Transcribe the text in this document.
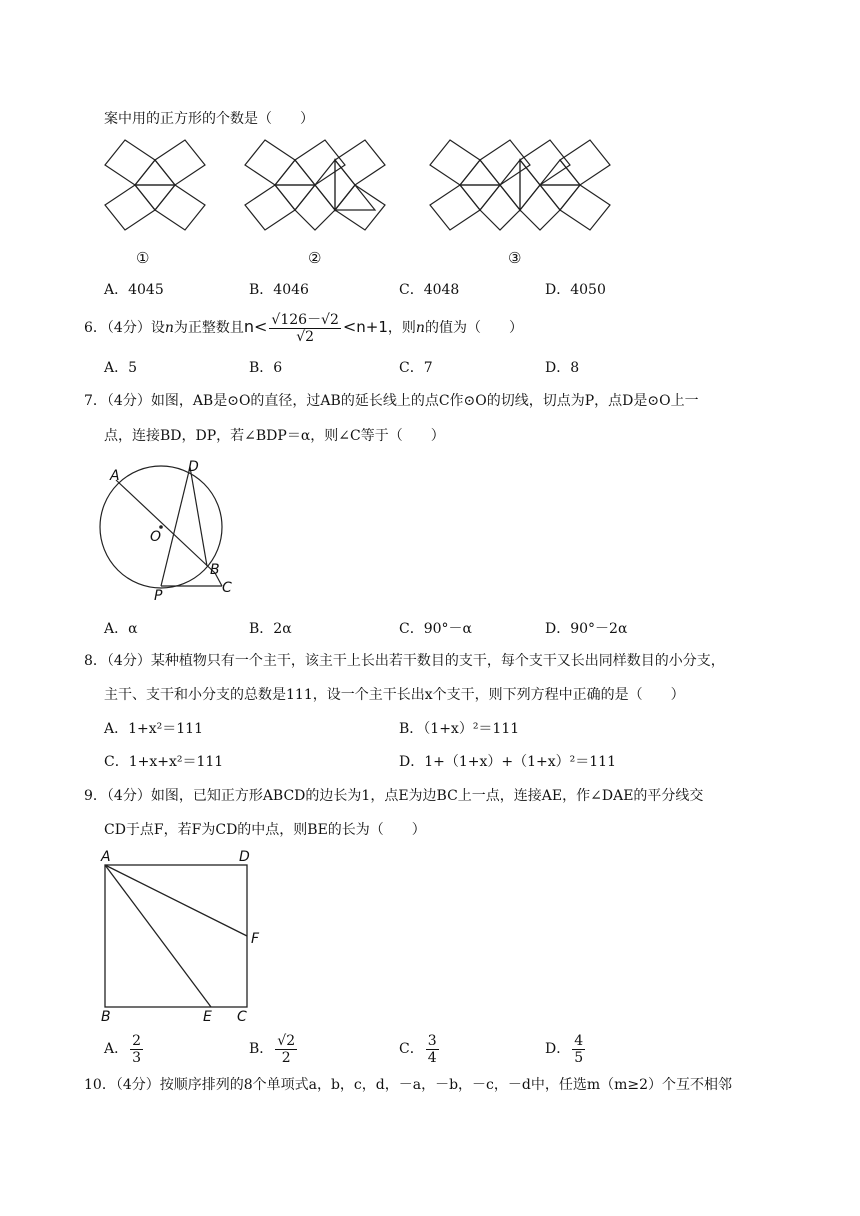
案中用的正方形的个数是（　　）
①	②	③
A．4045	B．4046	C．4048	D．4050
6．（4分）设n为正整数且$n< \frac{√126-√2}{√2} <n+1$，则n的值为（　　）
A．5	B．6	C．7	D．8
7．（4分）如图，AB是⊙O的直径，过AB的延长线上的点C作⊙O的切线，切点为P，点D是⊙O上一
点，连接BD，DP，若∠BDP＝α，则∠C等于（　　）
A
D
O
B
C
P
A．α	B．2α	C．90°－α	D．90°－2α
8．（4分）某种植物只有一个主干，该主干上长出若干数目的支干，每个支干又长出同样数目的小分支，
主干、支干和小分支的总数是111，设一个主干长出x个支干，则下列方程中正确的是（　　）
A．1+x²＝111	B．（1+x）²＝111
C．1+x+x²＝111	D．1+（1+x）+（1+x）²＝111
9．（4分）如图，已知正方形ABCD的边长为1，点E为边BC上一点，连接AE，作∠DAE的平分线交
CD于点F，若F为CD的中点，则BE的长为（　　）
A	D
F
B	E C
A． $\frac{2}{3}$	B． $\frac{√2}{2}$	C． $\frac{3}{4}$	D． $\frac{4}{5}$
10．（4分）按顺序排列的8个单项式a，b，c，d，－a，－b，－c，－d中，任选m（m≥2）个互不相邻
